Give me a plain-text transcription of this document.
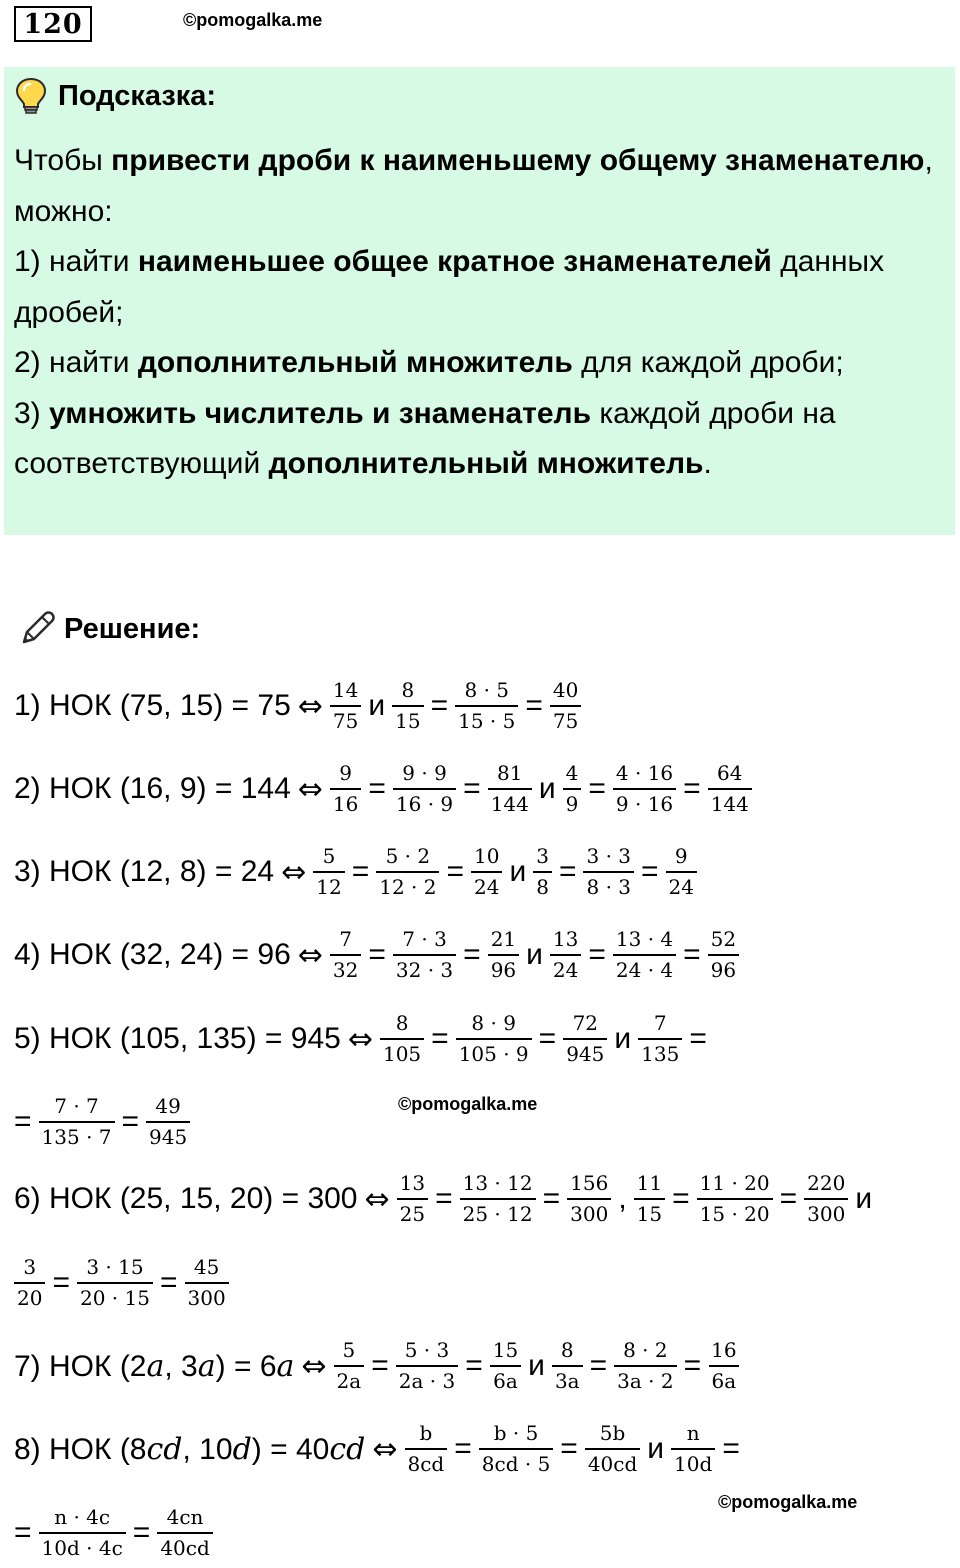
120	©pomogalka.me
Подсказка:

Чтобы привести дроби к наименьшему общему знаменателю, можно:

1) найти наименьшее общее кратное знаменателей данных дробей;

2) найти дополнительный множитель для каждой дроби;

3) умножить числитель и знаменатель каждой дроби на соответствующий дополнительный множитель.

Решение:
1) НОК (75, 15) = 75 ⇔ $\frac{14}{75}$ и $\frac{8}{15} = \frac{8 \cdot 5}{15 \cdot 5} = \frac{40}{75}$
2) НОК (16, 9) = 144 ⇔ $\frac{9}{16} = \frac{9 \cdot 9}{16 \cdot 9} = \frac{81}{144}$ и $\frac{4}{9} = \frac{4 \cdot 16}{9 \cdot 16} = \frac{64}{144}$
3) НОК (12, 8) = 24 ⇔ $\frac{5}{12} = \frac{5 \cdot 2}{12 \cdot 2} = \frac{10}{24}$ и $\frac{3}{8} = \frac{3 \cdot 3}{8 \cdot 3} = \frac{9}{24}$
4) НОК (32, 24) = 96 ⇔ $\frac{7}{32} = \frac{7 \cdot 3}{32 \cdot 3} = \frac{21}{96}$ и $\frac{13}{24} = \frac{13 \cdot 4}{24 \cdot 4} = \frac{52}{96}$
5) НОК (105, 135) = 945 ⇔ $\frac{8}{105} = \frac{8 \cdot 9}{105 \cdot 9} = \frac{72}{945}$ и $\frac{7}{135}$ =
= $\frac{7 \cdot 7}{135 \cdot 7} = \frac{49}{945}$	©pomogalka.me
6) НОК (25, 15, 20) = 300 ⇔ $\frac{13}{25} = \frac{13 \cdot 12}{25 \cdot 12} = \frac{156}{300}$ , $\frac{11}{15} = \frac{11 \cdot 20}{15 \cdot 20} = \frac{220}{300}$ и
$\frac{3}{20} = \frac{3 \cdot 15}{20 \cdot 15} = \frac{45}{300}$
7) НОК (2a, 3a) = 6a ⇔ $\frac{5}{2a} = \frac{5 \cdot 3}{2a \cdot 3} = \frac{15}{6a}$ и $\frac{8}{3a} = \frac{8 \cdot 2}{3a \cdot 2} = \frac{16}{6a}$
8) НОК (8cd, 10d) = 40cd ⇔ $\frac{b}{8cd} = \frac{b \cdot 5}{8cd \cdot 5} = \frac{5b}{40cd}$ и $\frac{n}{10d}$ =
= $\frac{n \cdot 4c}{10d \cdot 4c} = \frac{4cn}{40cd}$
©pomogalka.me
